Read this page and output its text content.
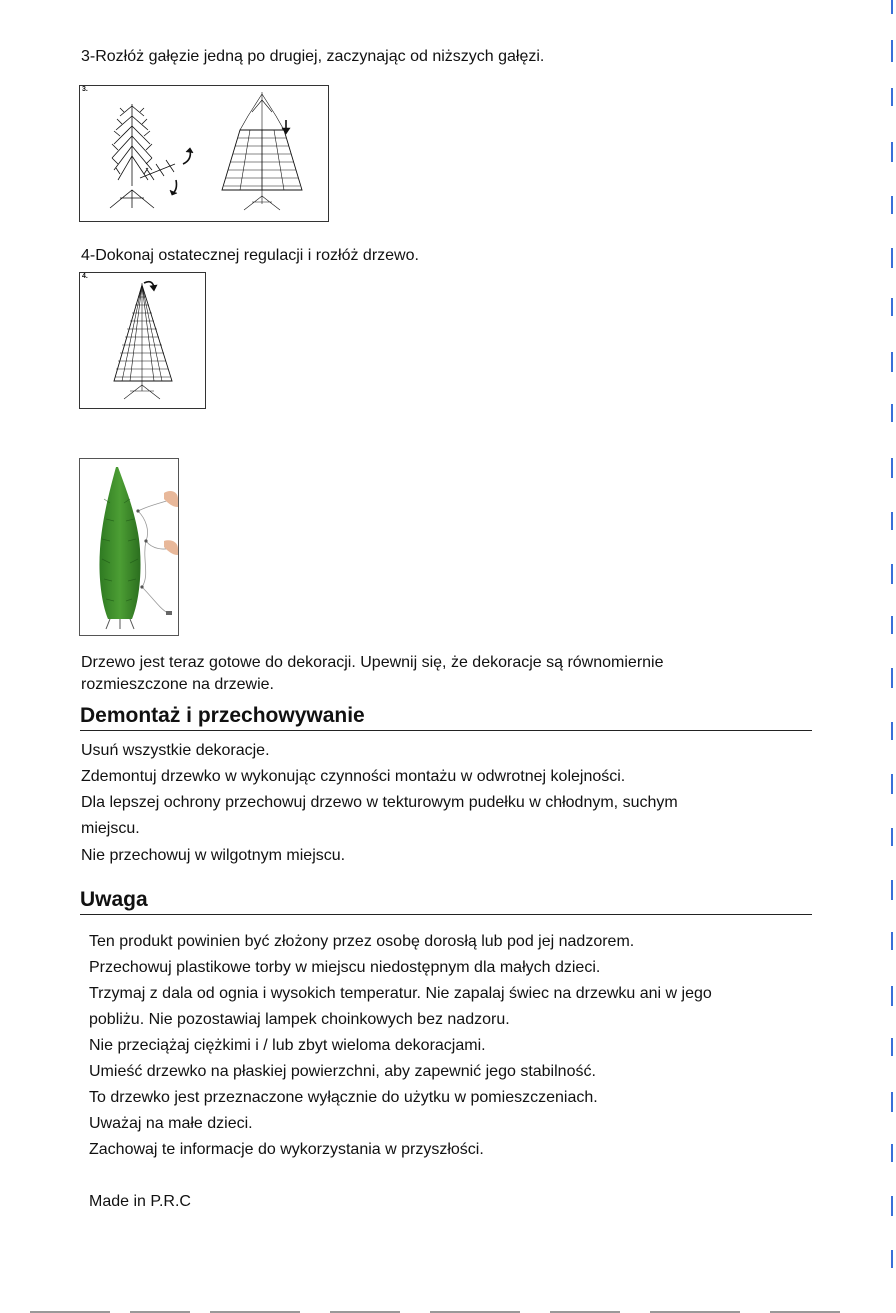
3-Rozłóż gałęzie jedną po drugiej, zaczynając od niższych gałęzi.
3.
4-Dokonaj ostatecznej regulacji i rozłóż drzewo.
4.
Drzewo jest teraz gotowe do dekoracji. Upewnij się, że dekoracje są równomiernie
rozmieszczone na drzewie.
Demontaż i przechowywanie
Usuń wszystkie dekoracje.
Zdemontuj drzewko w wykonując czynności montażu w odwrotnej kolejności.
Dla lepszej ochrony przechowuj drzewo w tekturowym pudełku w chłodnym, suchym
miejscu.
Nie przechowuj w wilgotnym miejscu.
Uwaga
Ten produkt powinien być złożony przez osobę dorosłą lub pod jej nadzorem.
Przechowuj plastikowe torby w miejscu niedostępnym dla małych dzieci.
Trzymaj z dala od ognia i wysokich temperatur. Nie zapalaj świec na drzewku ani w jego
pobliżu. Nie pozostawiaj lampek choinkowych bez nadzoru.
Nie przeciążaj ciężkimi i / lub zbyt wieloma dekoracjami.
Umieść drzewko na płaskiej powierzchni, aby zapewnić jego stabilność.
To drzewko jest przeznaczone wyłącznie do użytku w pomieszczeniach.
Uważaj na małe dzieci.
Zachowaj te informacje do wykorzystania w przyszłości.
Made in P.R.C
